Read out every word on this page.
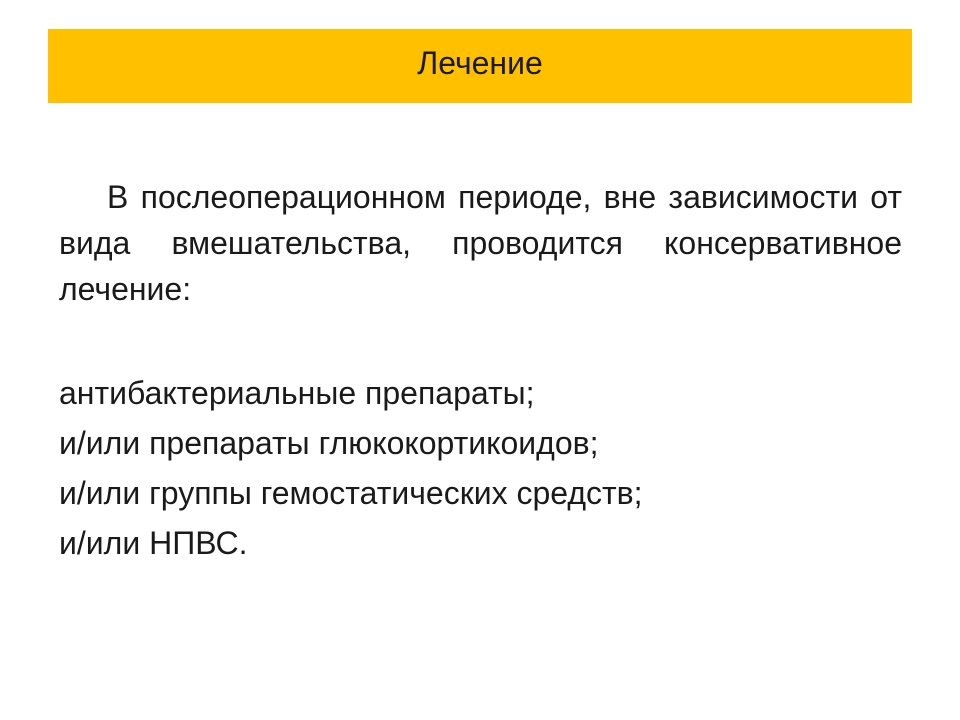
Лечение

В послеоперационном периоде, вне зависимости от вида вмешательства, проводится консервативное лечение:

антибактериальные препараты;
и/или препараты глюкокортикоидов;
и/или группы гемостатических средств;
и/или НПВС.
